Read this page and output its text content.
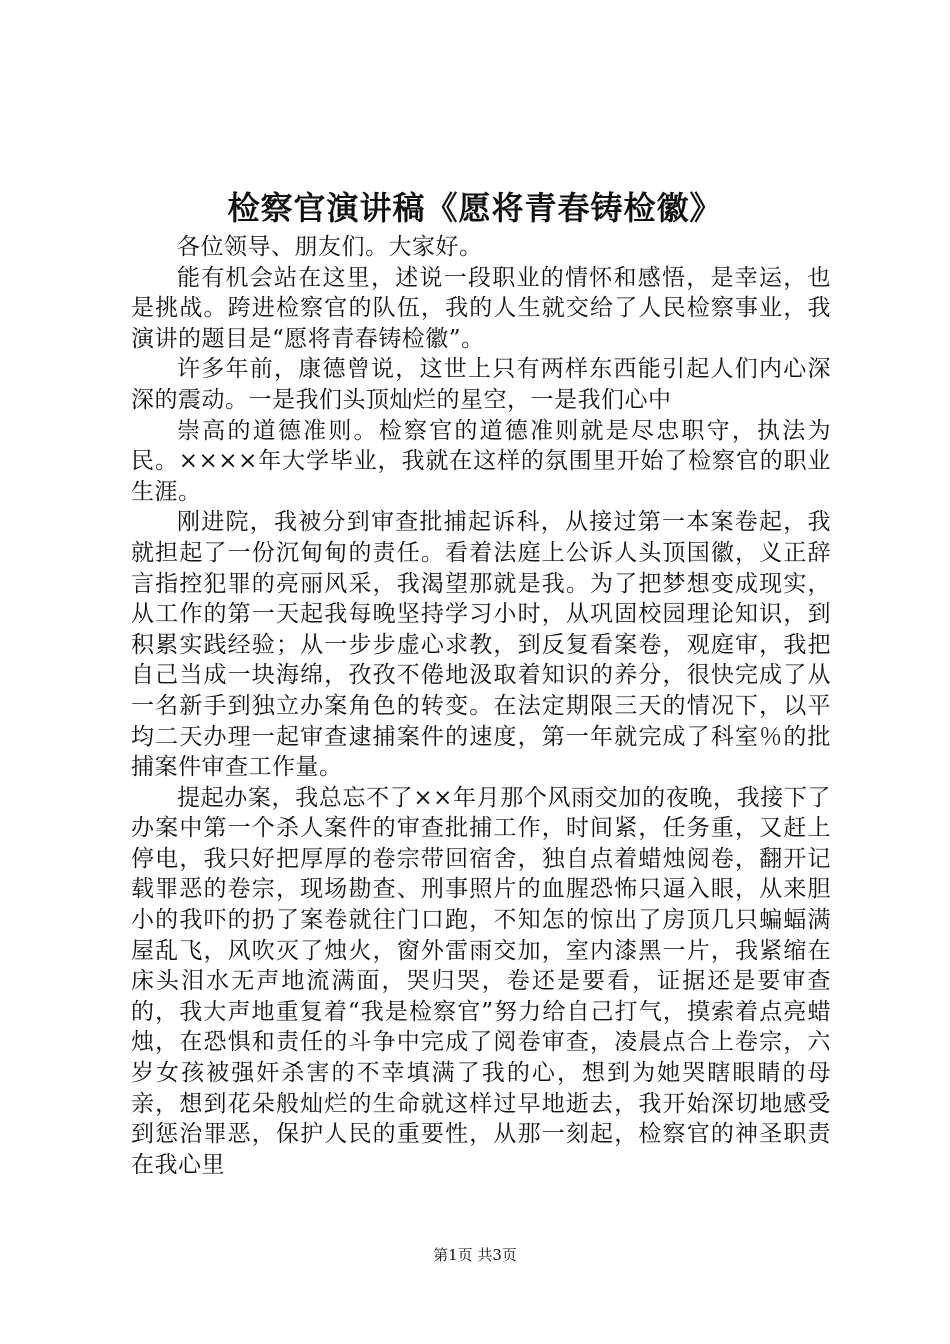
检察官演讲稿《愿将青春铸检徽》

各位领导、朋友们。大家好。

能有机会站在这里，述说一段职业的情怀和感悟，是幸运，也是挑战。跨进检察官的队伍，我的人生就交给了人民检察事业，我演讲的题目是“愿将青春铸检徽”。

许多年前，康德曾说，这世上只有两样东西能引起人们内心深深的震动。一是我们头顶灿烂的星空，一是我们心中

崇高的道德准则。检察官的道德准则就是尽忠职守，执法为民。××××年大学毕业，我就在这样的氛围里开始了检察官的职业生涯。

刚进院，我被分到审查批捕起诉科，从接过第一本案卷起，我就担起了一份沉甸甸的责任。看着法庭上公诉人头顶国徽，义正辞言指控犯罪的亮丽风采，我渴望那就是我。为了把梦想变成现实，从工作的第一天起我每晚坚持学习小时，从巩固校园理论知识，到积累实践经验；从一步步虚心求教，到反复看案卷，观庭审，我把自己当成一块海绵，孜孜不倦地汲取着知识的养分，很快完成了从一名新手到独立办案角色的转变。在法定期限三天的情况下，以平均二天办理一起审查逮捕案件的速度，第一年就完成了科室％的批捕案件审查工作量。

提起办案，我总忘不了××年月那个风雨交加的夜晚，我接下了办案中第一个杀人案件的审查批捕工作，时间紧，任务重，又赶上停电，我只好把厚厚的卷宗带回宿舍，独自点着蜡烛阅卷，翻开记载罪恶的卷宗，现场勘查、刑事照片的血腥恐怖只逼入眼，从来胆小的我吓的扔了案卷就往门口跑，不知怎的惊出了房顶几只蝙蝠满屋乱飞，风吹灭了烛火，窗外雷雨交加，室内漆黑一片，我紧缩在床头泪水无声地流满面，哭归哭，卷还是要看，证据还是要审查的，我大声地重复着“我是检察官”努力给自己打气，摸索着点亮蜡烛，在恐惧和责任的斗争中完成了阅卷审查，凌晨点合上卷宗，六岁女孩被强奸杀害的不幸填满了我的心，想到为她哭瞎眼睛的母亲，想到花朵般灿烂的生命就这样过早地逝去，我开始深切地感受到惩治罪恶，保护人民的重要性，从那一刻起，检察官的神圣职责在我心里

第1页 共3页
